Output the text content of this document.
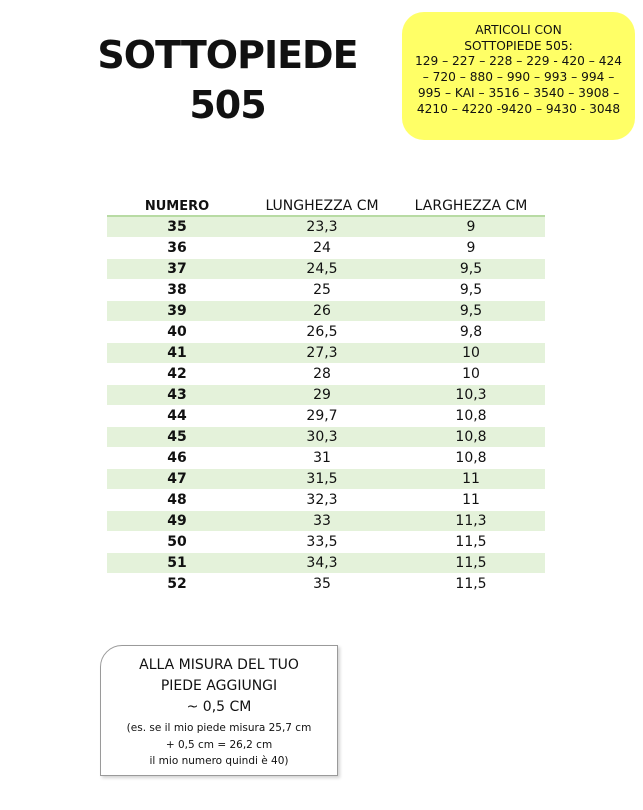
SOTTOPIEDE
505
ARTICOLI CON
SOTTOPIEDE 505:
129 – 227 – 228 – 229 - 420 – 424
– 720 – 880 – 990 – 993 – 994 –
995 – KAI – 3516 – 3540 – 3908 –
4210 – 4220 -9420 – 9430 - 3048
NUMERO	LUNGHEZZA CM	LARGHEZZA CM
35	23,3	9
36	24	9
37	24,5	9,5
38	25	9,5
39	26	9,5
40	26,5	9,8
41	27,3	10
42	28	10
43	29	10,3
44	29,7	10,8
45	30,3	10,8
46	31	10,8
47	31,5	11
48	32,3	11
49	33	11,3
50	33,5	11,5
51	34,3	11,5
52	35	11,5
ALLA MISURA DEL TUO
PIEDE AGGIUNGI
~ 0,5 CM
(es. se il mio piede misura 25,7 cm
+ 0,5 cm = 26,2 cm
il mio numero quindi è 40)
